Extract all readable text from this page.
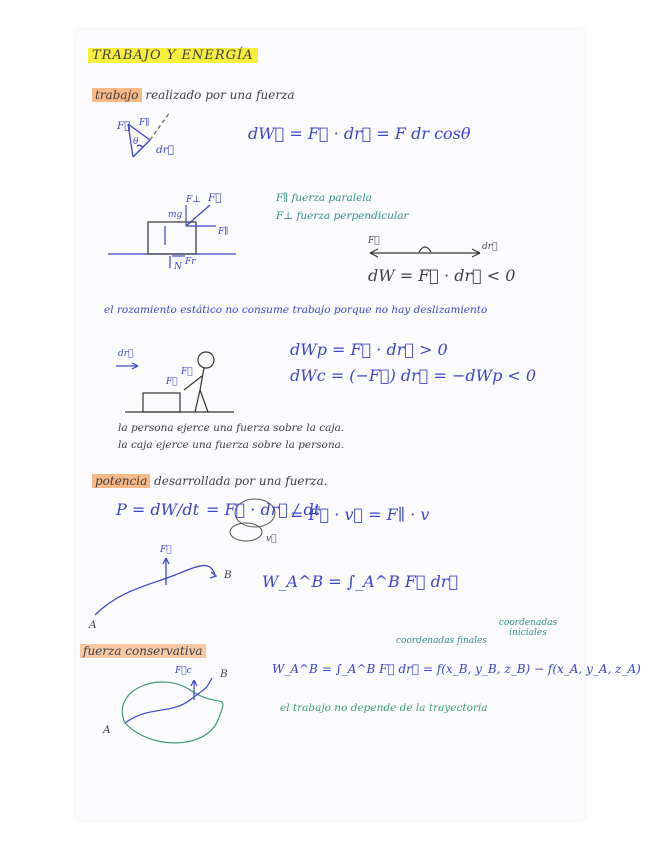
TRABAJO Y ENERGÍA
trabajo realizado por una fuerza
F⃗ F∥
dr⃗
θ	dW⃗ = F⃗ · dr⃗ = F dr cosθ
F∥ fuerza paralela
F⊥ fuerza perpendicular
mg
F⃗
F⊥
F∥
N Fr
F⃗
dr⃗
dW = F⃗ · dr⃗ < 0
el rozamiento estático no consume trabajo porque no hay deslizamiento
dr⃗
F⃗
F⃗
dWp = F⃗ · dr⃗ > 0
dWc = (−F⃗) dr⃗ = −dWp < 0
la persona ejerce una fuerza sobre la caja.
la caja ejerce una fuerza sobre la persona.
potencia desarrollada por una fuerza.
P = dW/dt = F⃗ · dr⃗ / dt
= F⃗ · v⃗ = F∥ · v
v⃗
A
B
F⃗
W_A^B = ∫_A^B F⃗ dr⃗
fuerza conservativa
coordenadas finales
coordenadas iniciales
W_A^B = ∫_A^B F⃗ dr⃗ = 𝑓(x_B, y_B, z_B) − 𝑓(x_A, y_A, z_A)
el trabajo no depende de la trayectoria
A
B
F⃗c
